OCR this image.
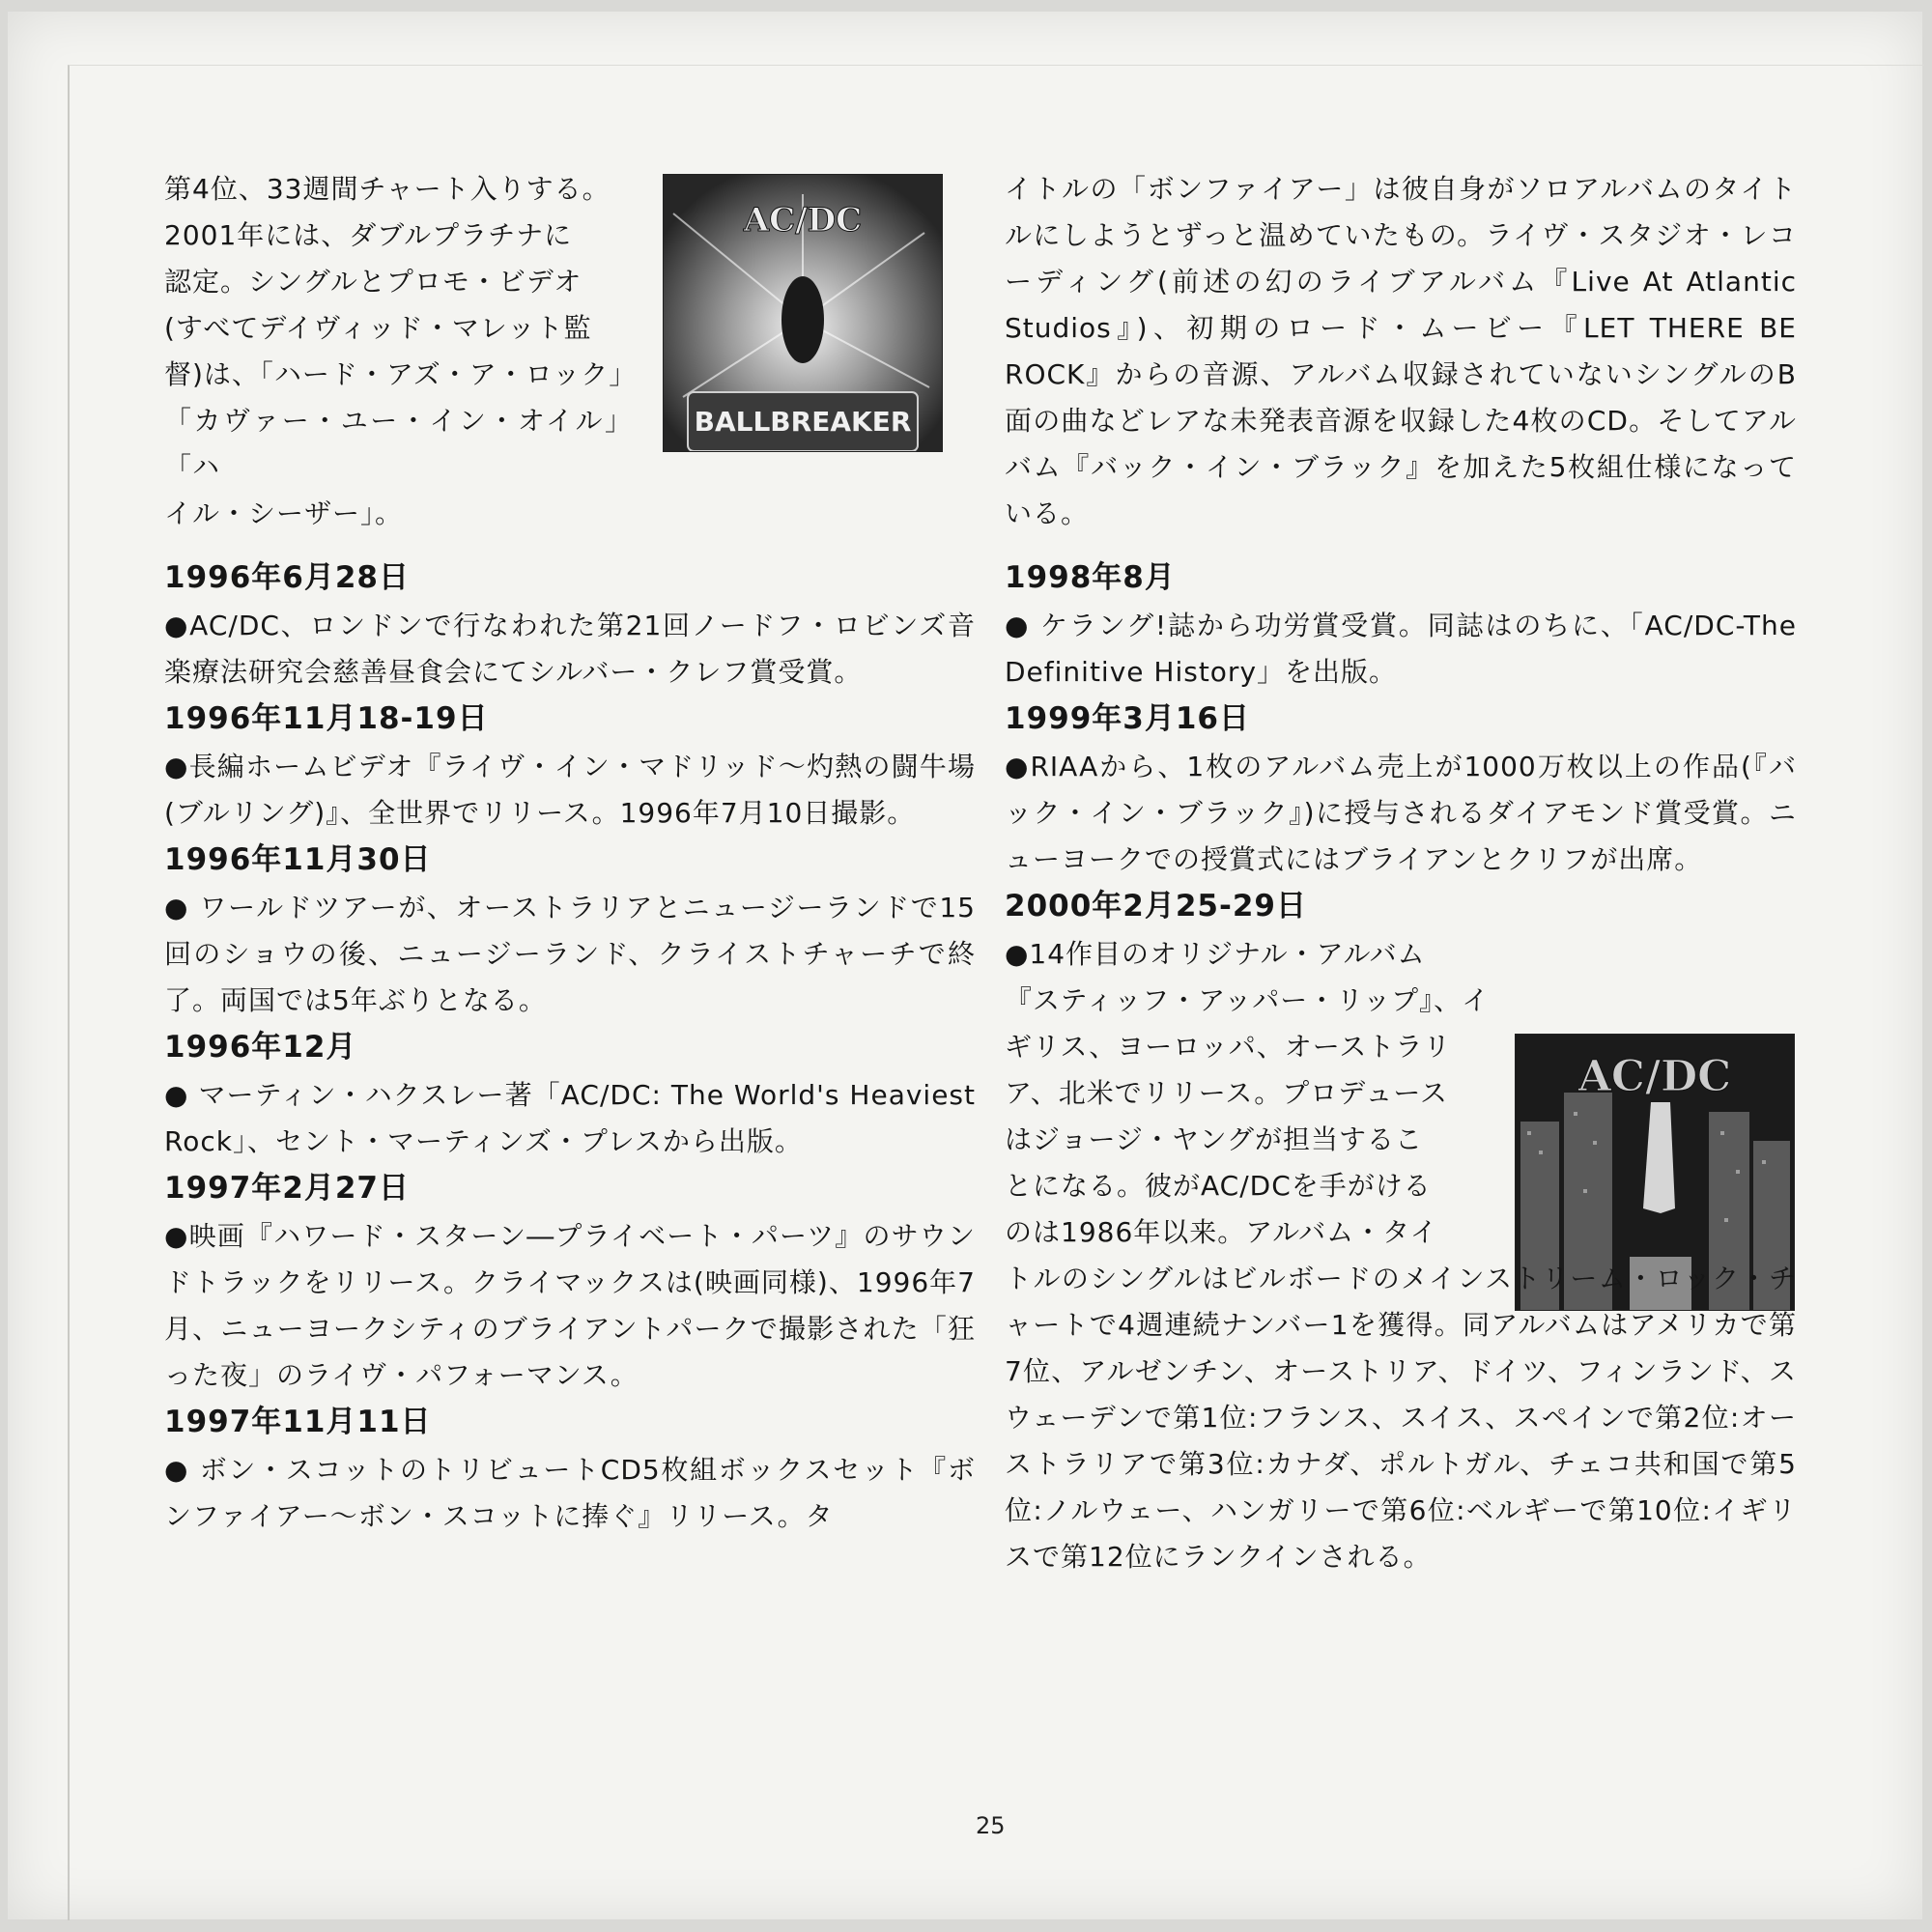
AC/DC
BALLBREAKER
AC/DC

第4位、33週間チャート入りする。

2001年には、ダブルプラチナに

認定。シングルとプロモ・ビデオ

(すべてデイヴィッド・マレット監

督)は、「ハード・アズ・ア・ロック」

「カヴァー・ユー・イン・オイル」「ハ

イル・シーザー」。

1996年6月28日

●AC/DC、ロンドンで行なわれた第21回ノードフ・ロビンズ音楽療法研究会慈善昼食会にてシルバー・クレフ賞受賞。

1996年11月18-19日

●長編ホームビデオ『ライヴ・イン・マドリッド～灼熱の闘牛場(ブルリング)』、全世界でリリース。1996年7月10日撮影。

1996年11月30日

● ワールドツアーが、オーストラリアとニュージーランドで15回のショウの後、ニュージーランド、クライストチャーチで終了。両国では5年ぶりとなる。

1996年12月

● マーティン・ハクスレー著「AC/DC: The World's Heaviest Rock」、セント・マーティンズ・プレスから出版。

1997年2月27日

●映画『ハワード・スターン―プライベート・パーツ』のサウンドトラックをリリース。クライマックスは(映画同様)、1996年7月、ニューヨークシティのブライアントパークで撮影された「狂った夜」のライヴ・パフォーマンス。

1997年11月11日

● ボン・スコットのトリビュートCD5枚組ボックスセット『ボンファイアー～ボン・スコットに捧ぐ』リリース。タ

イトルの「ボンファイアー」は彼自身がソロアルバムのタイトルにしようとずっと温めていたもの。ライヴ・スタジオ・レコーディング(前述の幻のライブアルバム『Live At Atlantic Studios』)、初期のロード・ムービー『LET THERE BE ROCK』からの音源、アルバム収録されていないシングルのB面の曲などレアな未発表音源を収録した4枚のCD。そしてアルバム『バック・イン・ブラック』を加えた5枚組仕様になっている。

1998年8月

● ケラング!誌から功労賞受賞。同誌はのちに、「AC/DC-The Definitive History」を出版。

1999年3月16日

●RIAAから、1枚のアルバム売上が1000万枚以上の作品(『バック・イン・ブラック』)に授与されるダイアモンド賞受賞。ニューヨークでの授賞式にはブライアンとクリフが出席。

2000年2月25-29日

●14作目のオリジナル・アルバム

『スティッフ・アッパー・リップ』、イ

ギリス、ヨーロッパ、オーストラリ

ア、北米でリリース。プロデュース

はジョージ・ヤングが担当するこ

とになる。彼がAC/DCを手がける

のは1986年以来。アルバム・タイ

トルのシングルはビルボードのメインストリーム・ロック・チャートで4週連続ナンバー1を獲得。同アルバムはアメリカで第7位、アルゼンチン、オーストリア、ドイツ、フィンランド、スウェーデンで第1位:フランス、スイス、スペインで第2位:オーストラリアで第3位:カナダ、ポルトガル、チェコ共和国で第5位:ノルウェー、ハンガリーで第6位:ベルギーで第10位:イギリスで第12位にランクインされる。

25
